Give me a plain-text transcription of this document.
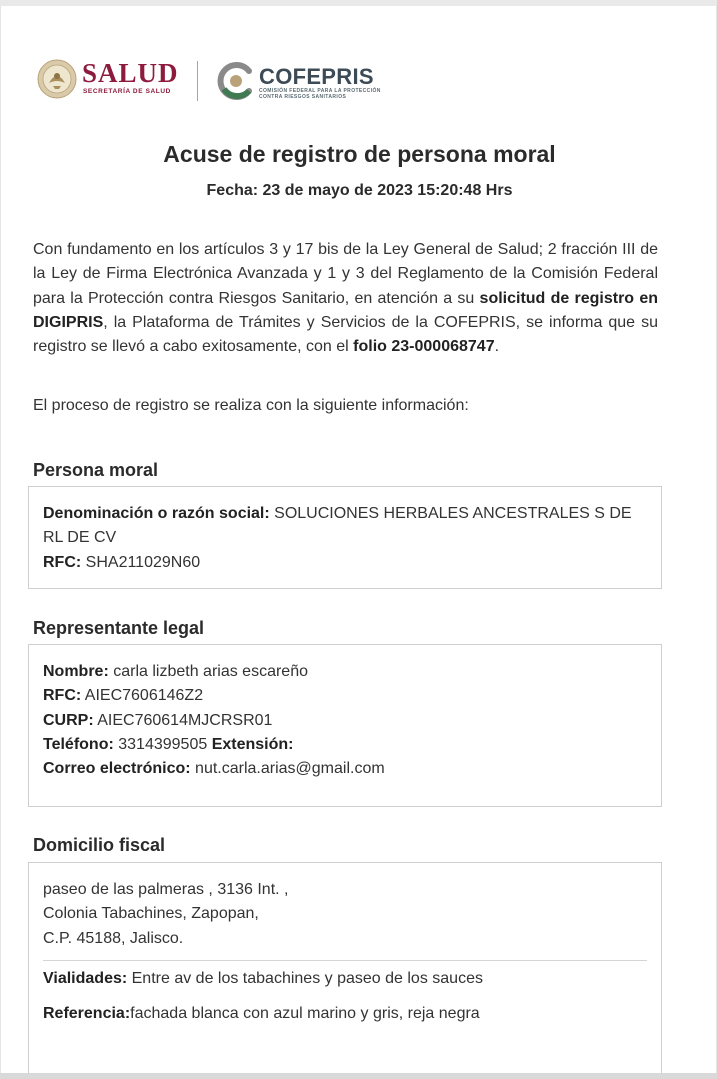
SALUD
SECRETARÍA DE SALUD
COFEPRIS
COMISIÓN FEDERAL PARA LA PROTECCIÓN
CONTRA RIESGOS SANITARIOS
Acuse de registro de persona moral
Fecha: 23 de mayo de 2023 15:20:48 Hrs

Con fundamento en los artículos 3 y 17 bis de la Ley General de Salud; 2 fracción III de la Ley de Firma Electrónica Avanzada y 1 y 3 del Reglamento de la Comisión Federal para la Protección contra Riesgos Sanitario, en atención a su solicitud de registro en DIGIPRIS, la Plataforma de Trámites y Servicios de la COFEPRIS, se informa que su registro se llevó a cabo exitosamente, con el folio 23-000068747.

El proceso de registro se realiza con la siguiente información:
Persona moral
Denominación o razón social: SOLUCIONES HERBALES ANCESTRALES S DE RL DE CV
RFC: SHA211029N60
Representante legal
Nombre: carla lizbeth arias escareño
RFC: AIEC7606146Z2
CURP: AIEC760614MJCRSR01
Teléfono: 3314399505 Extensión:
Correo electrónico: nut.carla.arias@gmail.com
Domicilio fiscal
paseo de las palmeras , 3136 Int. ,
Colonia Tabachines, Zapopan,
C.P. 45188, Jalisco.
Vialidades: Entre av de los tabachines y paseo de los sauces
Referencia:fachada blanca con azul marino y gris, reja negra
